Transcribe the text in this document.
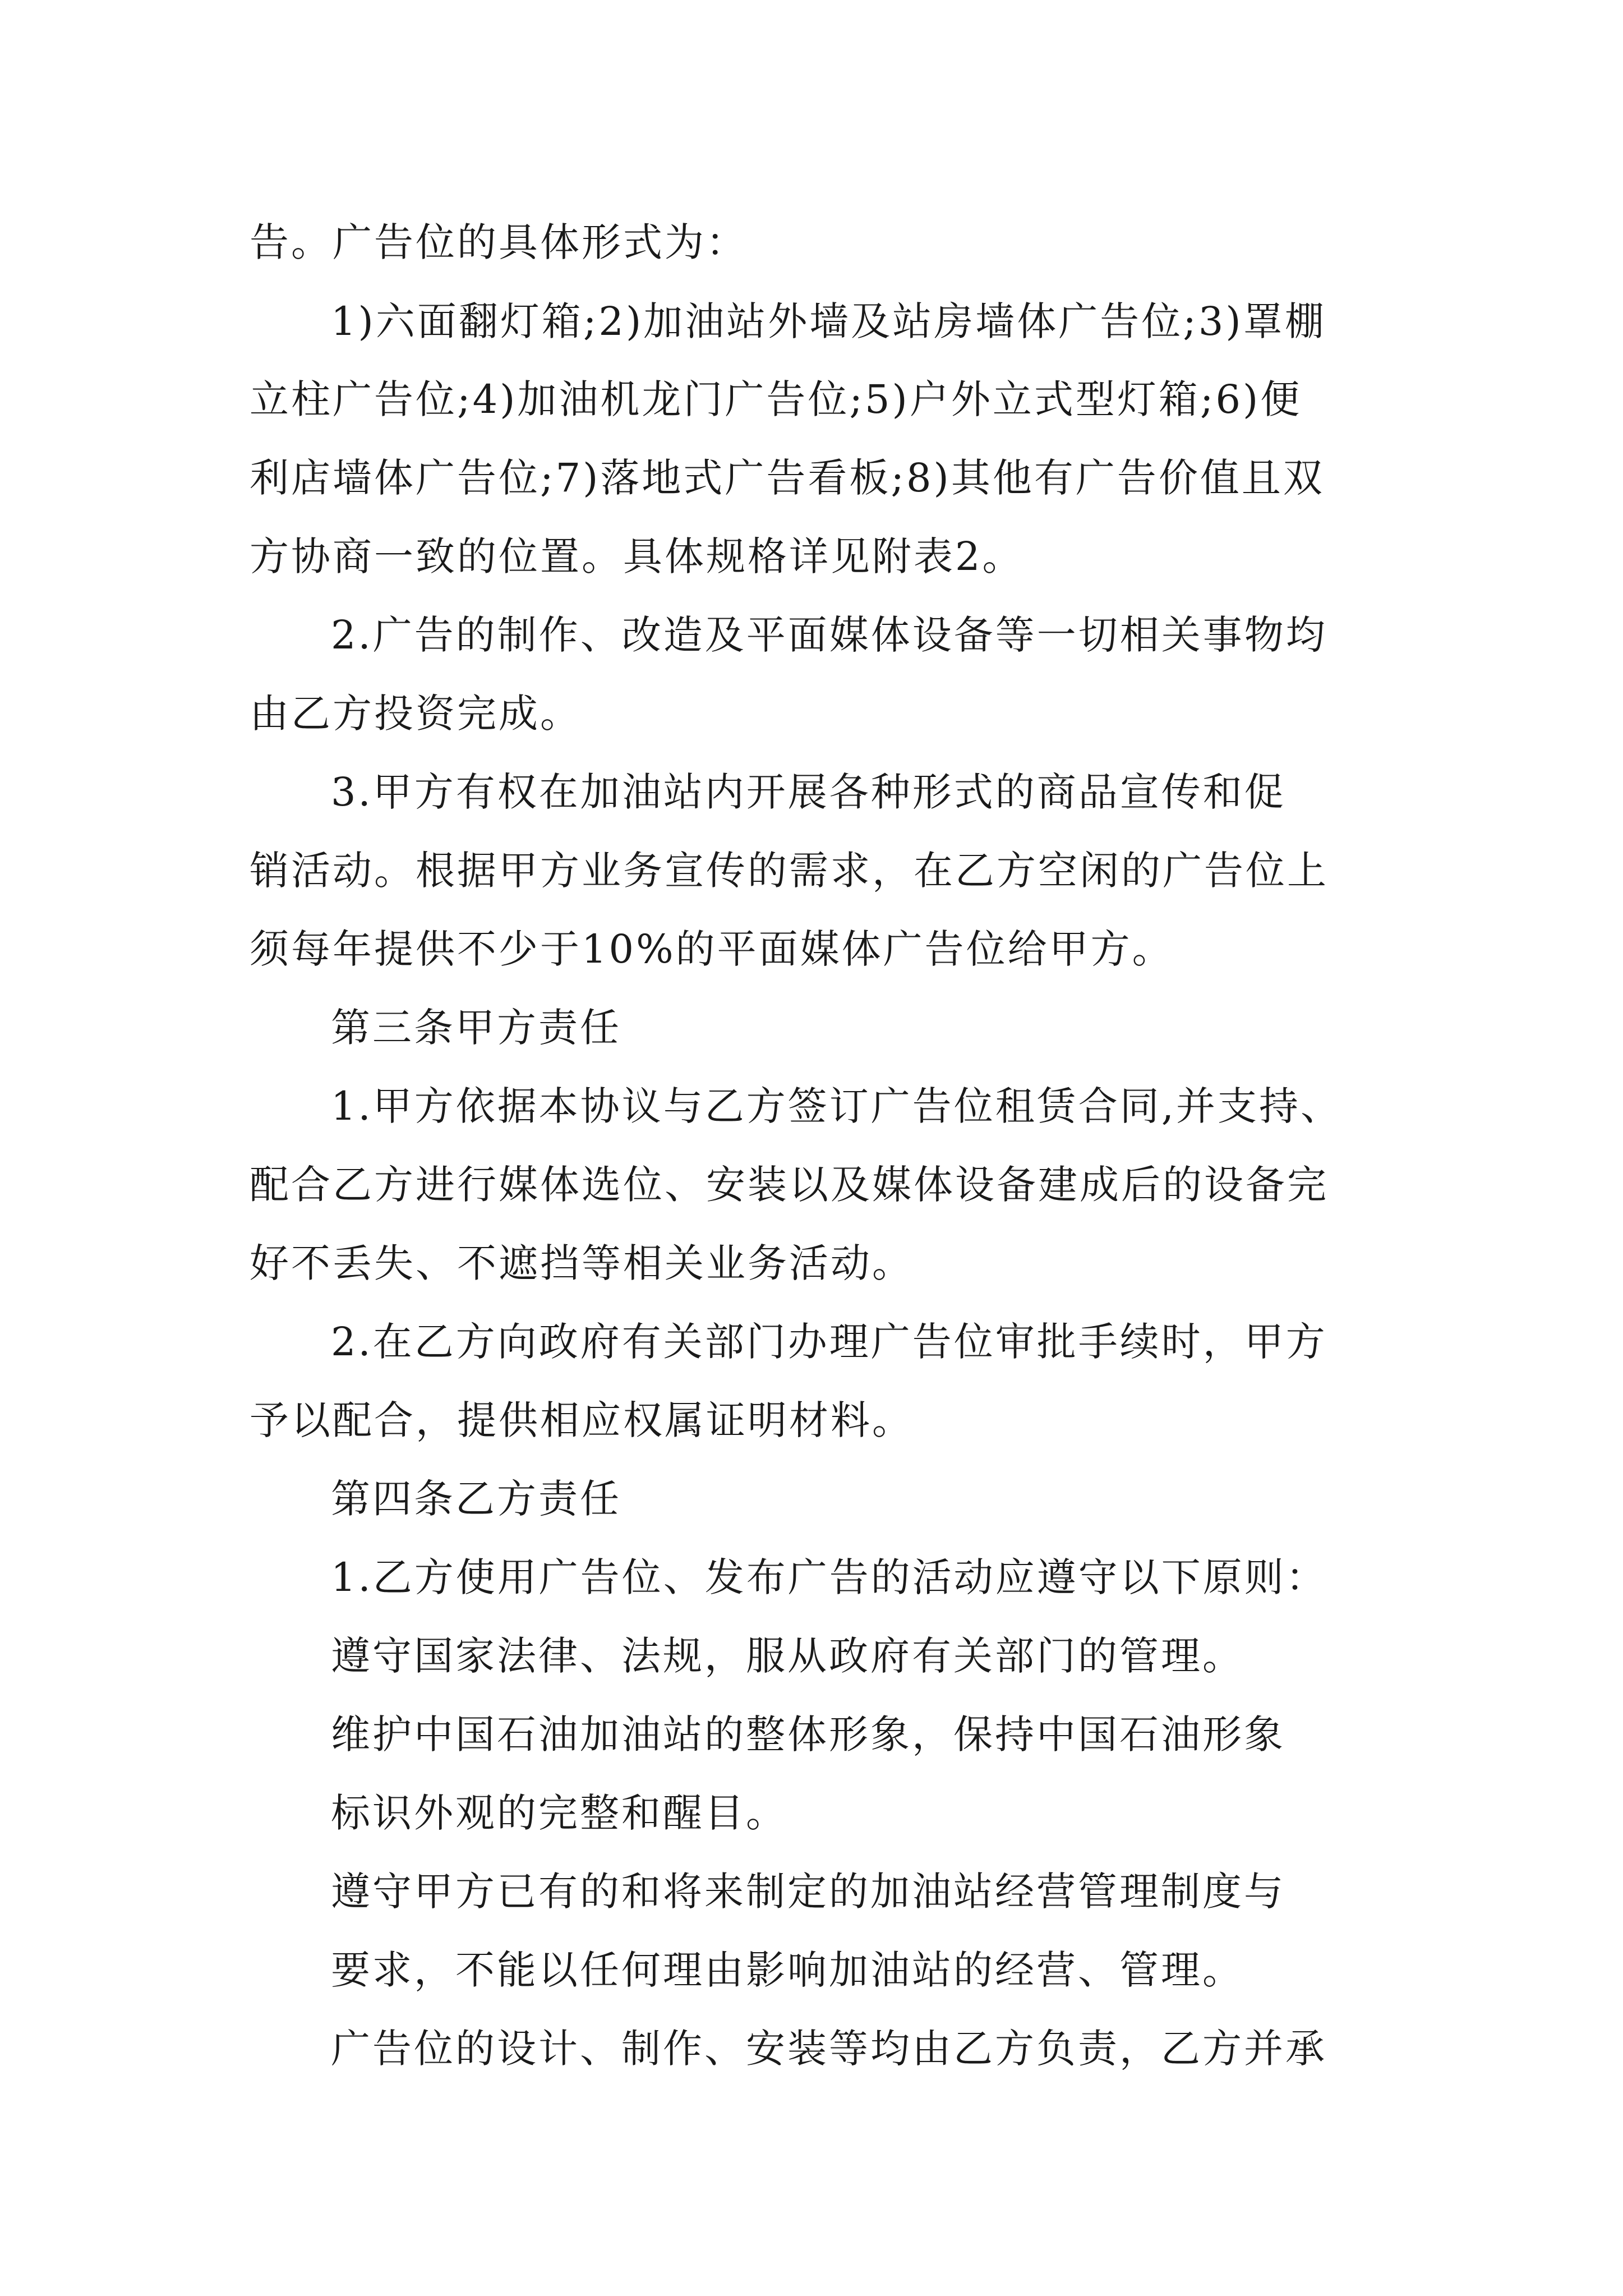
告。广告位的具体形式为：
1)六面翻灯箱;2)加油站外墙及站房墙体广告位;3)罩棚
立柱广告位;4)加油机龙门广告位;5)户外立式型灯箱;6)便
利店墙体广告位;7)落地式广告看板;8)其他有广告价值且双
方协商一致的位置。具体规格详见附表2。
2.广告的制作、改造及平面媒体设备等一切相关事物均
由乙方投资完成。
3.甲方有权在加油站内开展各种形式的商品宣传和促
销活动。根据甲方业务宣传的需求，在乙方空闲的广告位上
须每年提供不少于10%的平面媒体广告位给甲方。
第三条甲方责任
1.甲方依据本协议与乙方签订广告位租赁合同,并支持、
配合乙方进行媒体选位、安装以及媒体设备建成后的设备完
好不丢失、不遮挡等相关业务活动。
2.在乙方向政府有关部门办理广告位审批手续时，甲方
予以配合，提供相应权属证明材料。
第四条乙方责任
1.乙方使用广告位、发布广告的活动应遵守以下原则：
遵守国家法律、法规，服从政府有关部门的管理。
维护中国石油加油站的整体形象，保持中国石油形象
标识外观的完整和醒目。
遵守甲方已有的和将来制定的加油站经营管理制度与
要求，不能以任何理由影响加油站的经营、管理。
广告位的设计、制作、安装等均由乙方负责，乙方并承
